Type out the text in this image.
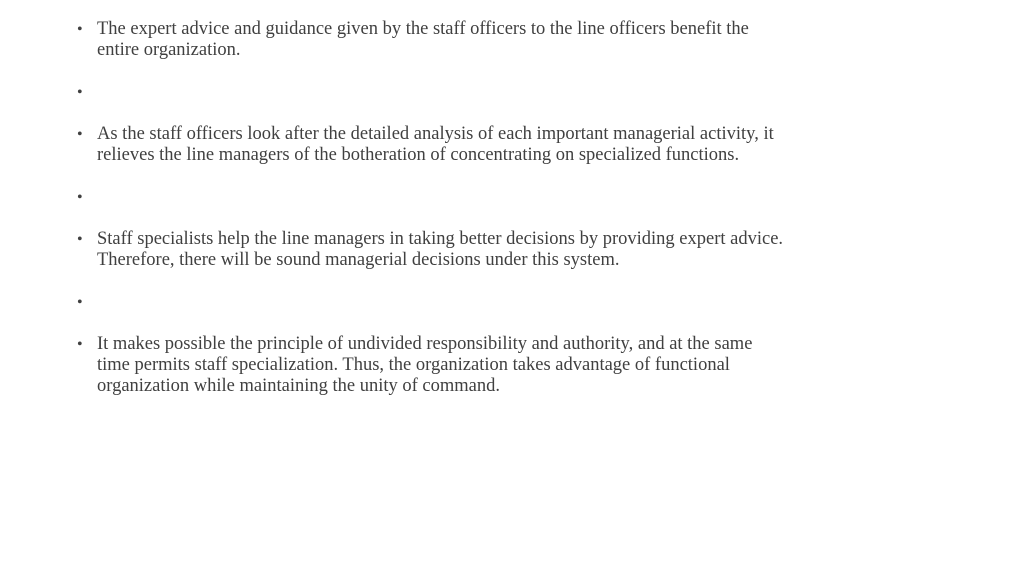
• The expert advice and guidance given by the staff officers to the line officers benefit the entire organization.
•
• As the staff officers look after the detailed analysis of each important managerial activity, it relieves the line managers of the botheration of concentrating on specialized functions.
•
• Staff specialists help the line managers in taking better decisions by providing expert advice. Therefore, there will be sound managerial decisions under this system.
•
• It makes possible the principle of undivided responsibility and authority, and at the same time permits staff specialization. Thus, the organization takes advantage of functional organization while maintaining the unity of command.
